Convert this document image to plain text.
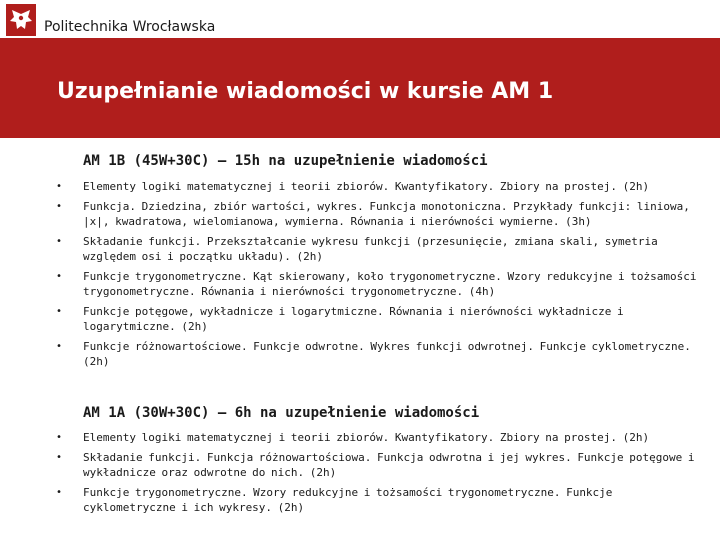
Politechnika Wrocławska
Uzupełnianie wiadomości w kursie AM 1
AM 1B (45W+30C) – 15h na uzupełnienie wiadomości
• Elementy logiki matematycznej i teorii zbiorów. Kwantyfikatory. Zbiory na prostej. (2h)
• Funkcja. Dziedzina, zbiór wartości, wykres. Funkcja monotoniczna. Przykłady funkcji: liniowa, |x|, kwadratowa, wielomianowa, wymierna. Równania i nierówności wymierne. (3h)
• Składanie funkcji. Przekształcanie wykresu funkcji (przesunięcie, zmiana skali, symetria względem osi i początku układu). (2h)
• Funkcje trygonometryczne. Kąt skierowany, koło trygonometryczne. Wzory redukcyjne i tożsamości trygonometryczne. Równania i nierówności trygonometryczne. (4h)
• Funkcje potęgowe, wykładnicze i logarytmiczne. Równania i nierówności wykładnicze i logarytmiczne. (2h)
• Funkcje różnowartościowe. Funkcje odwrotne. Wykres funkcji odwrotnej. Funkcje cyklometryczne. (2h)
AM 1A (30W+30C) – 6h na uzupełnienie wiadomości
• Elementy logiki matematycznej i teorii zbiorów. Kwantyfikatory. Zbiory na prostej. (2h)
• Składanie funkcji. Funkcja różnowartościowa. Funkcja odwrotna i jej wykres. Funkcje potęgowe i wykładnicze oraz odwrotne do nich. (2h)
• Funkcje trygonometryczne. Wzory redukcyjne i tożsamości trygonometryczne. Funkcje cyklometryczne i ich wykresy. (2h)
